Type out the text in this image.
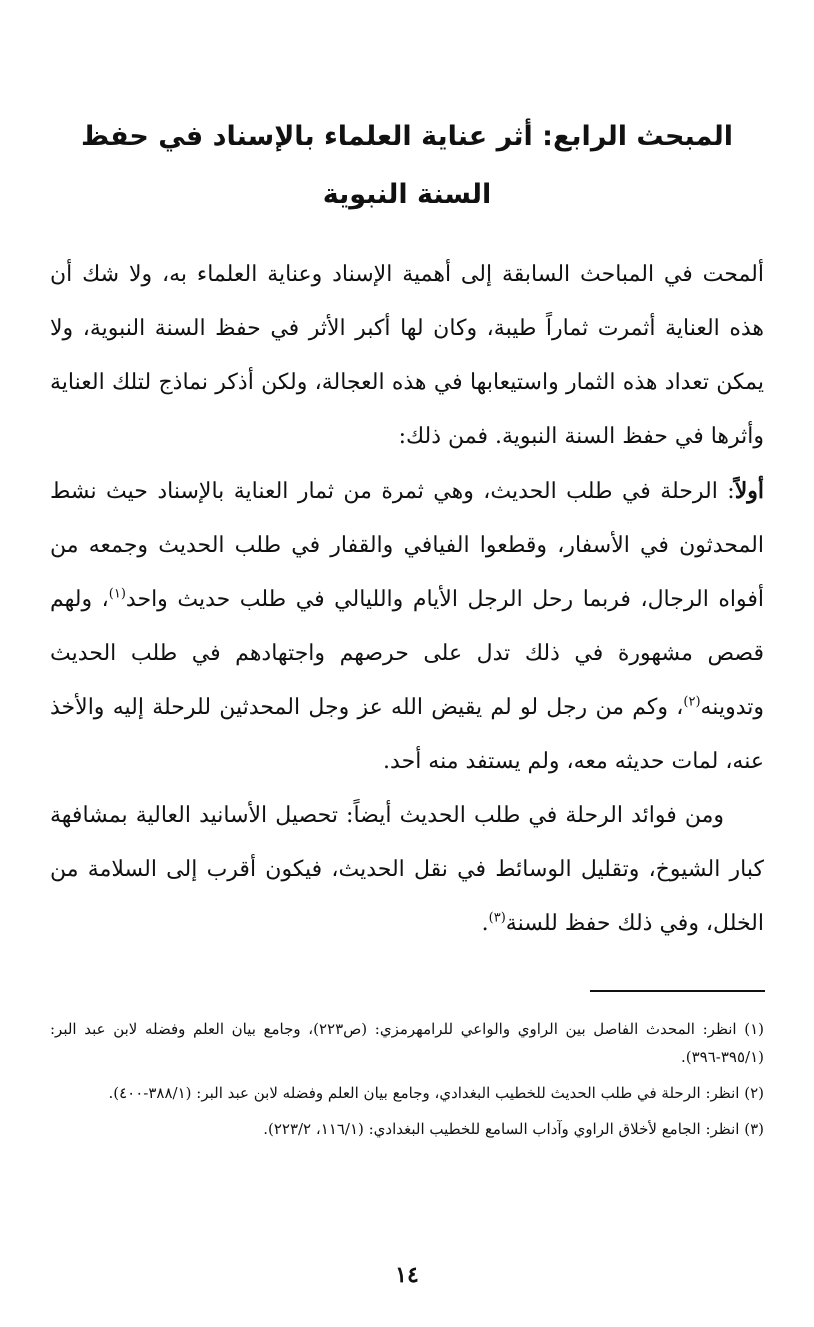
المبحث الرابع: أثر عناية العلماء بالإسناد في حفظ السنة النبوية

ألمحت في المباحث السابقة إلى أهمية الإسناد وعناية العلماء به، ولا شك أن هذه العناية أثمرت ثماراً طيبة، وكان لها أكبر الأثر في حفظ السنة النبوية، ولا يمكن تعداد هذه الثمار واستيعابها في هذه العجالة، ولكن أذكر نماذج لتلك العناية وأثرها في حفظ السنة النبوية. فمن ذلك:

أولاً: الرحلة في طلب الحديث، وهي ثمرة من ثمار العناية بالإسناد حيث نشط المحدثون في الأسفار، وقطعوا الفيافي والقفار في طلب الحديث وجمعه من أفواه الرجال، فربما رحل الرجل الأيام والليالي في طلب حديث واحد$^{(١)}$، ولهم قصص مشهورة في ذلك تدل على حرصهم واجتهادهم في طلب الحديث وتدوينه$^{(٢)}$، وكم من رجل لو لم يقيض الله عز وجل المحدثين للرحلة إليه والأخذ عنه، لمات حديثه معه، ولم يستفد منه أحد.

ومن فوائد الرحلة في طلب الحديث أيضاً: تحصيل الأسانيد العالية بمشافهة كبار الشيوخ، وتقليل الوسائط في نقل الحديث، فيكون أقرب إلى السلامة من الخلل، وفي ذلك حفظ للسنة$^{(٣)}$.

(١) انظر: المحدث الفاصل بين الراوي والواعي للرامهرمزي: (ص٢٢٣)، وجامع بيان العلم وفضله لابن عبد البر: (٣٩٥/١-٣٩٦).

(٢) انظر: الرحلة في طلب الحديث للخطيب البغدادي، وجامع بيان العلم وفضله لابن عبد البر: (٣٨٨/١-٤٠٠).

(٣) انظر: الجامع لأخلاق الراوي وآداب السامع للخطيب البغدادي: (١١٦/١، ٢٢٣/٢).

١٤
